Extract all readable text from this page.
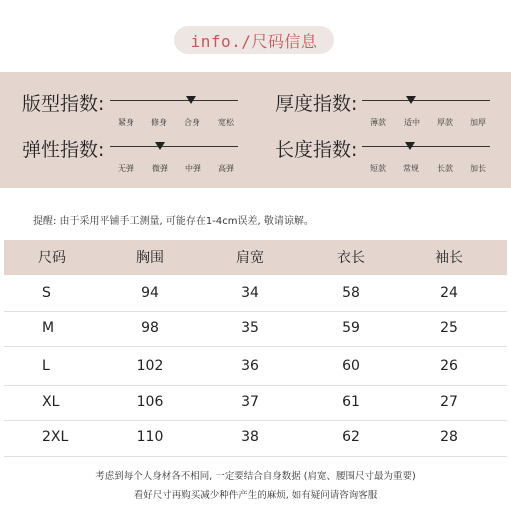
info./尺码信息
版型指数:
紧身 修身 合身 宽松
弹性指数:
无弹 微弹 中弹 高弹
厚度指数:
薄款 适中 厚款 加厚
长度指数:
短款 常规 长款 加长
提醒: 由于采用平铺手工测量, 可能存在1-4cm误差, 敬请谅解。
尺码	胸围	肩宽	衣长	袖长
S	94	34	58	24
M	98	35	59	25
L	102	36	60	26
XL	106	37	61	27
2XL	110	38	62	28
考虑到每个人身材各不相同, 一定要结合自身数据 (肩宽、腰围尺寸最为重要)
看好尺寸再购买减少种件产生的麻烦, 如有疑问请咨询客服
